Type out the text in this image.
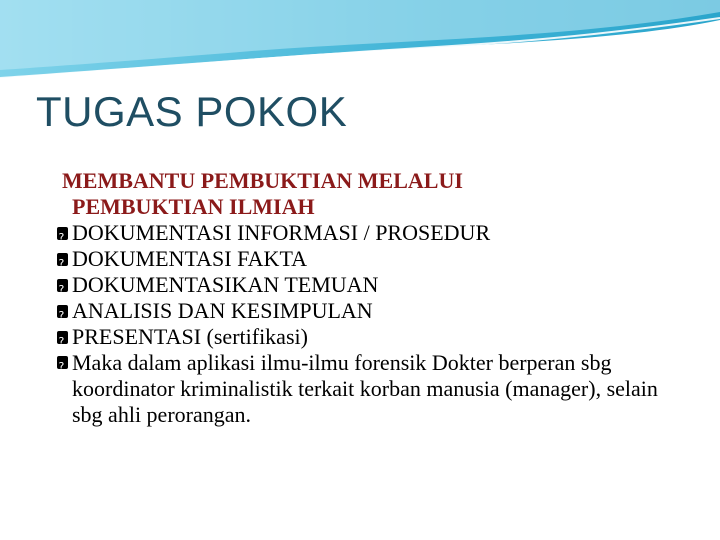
TUGAS POKOK
MEMBANTU PEMBUKTIAN MELALUI
PEMBUKTIAN ILMIAH
?
DOKUMENTASI INFORMASI / PROSEDUR
?
DOKUMENTASI FAKTA
?
DOKUMENTASIKAN TEMUAN
?
ANALISIS DAN KESIMPULAN
?
PRESENTASI (sertifikasi)
?
Maka dalam aplikasi ilmu-ilmu forensik Dokter berperan sbg koordinator kriminalistik terkait korban manusia (manager), selain sbg ahli perorangan.
